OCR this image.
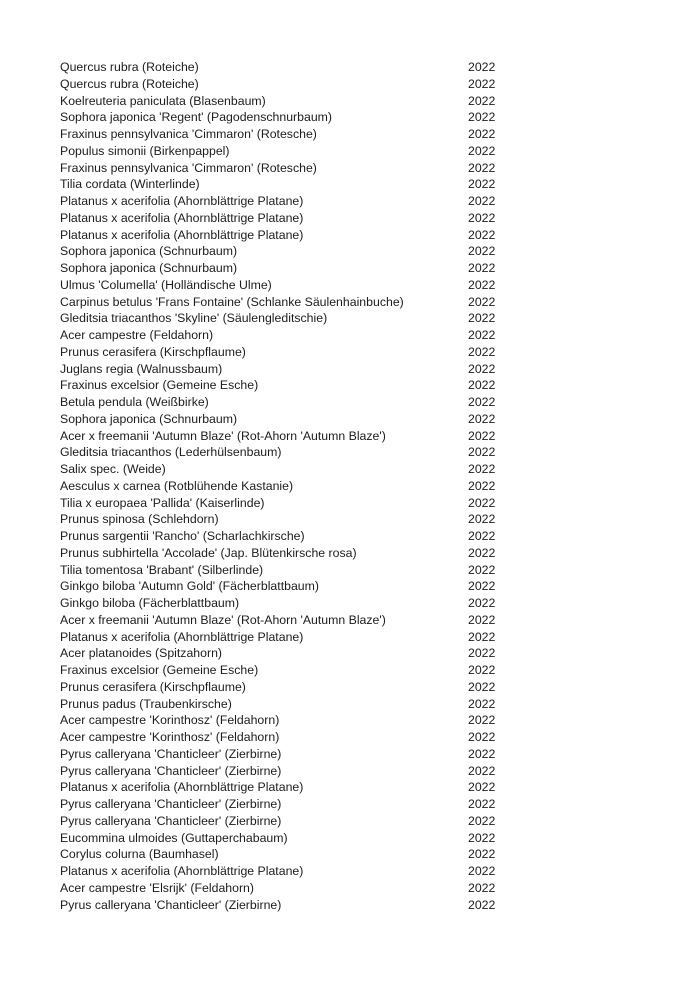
Quercus rubra (Roteiche)	2022
Quercus rubra (Roteiche)	2022
Koelreuteria paniculata (Blasenbaum)	2022
Sophora japonica 'Regent' (Pagodenschnurbaum)	2022
Fraxinus pennsylvanica 'Cimmaron' (Rotesche)	2022
Populus simonii (Birkenpappel)	2022
Fraxinus pennsylvanica 'Cimmaron' (Rotesche)	2022
Tilia cordata (Winterlinde)	2022
Platanus x acerifolia (Ahornblättrige Platane)	2022
Platanus x acerifolia (Ahornblättrige Platane)	2022
Platanus x acerifolia (Ahornblättrige Platane)	2022
Sophora japonica (Schnurbaum)	2022
Sophora japonica (Schnurbaum)	2022
Ulmus 'Columella' (Holländische Ulme)	2022
Carpinus betulus 'Frans Fontaine' (Schlanke Säulenhainbuche)	2022
Gleditsia triacanthos 'Skyline' (Säulengleditschie)	2022
Acer campestre (Feldahorn)	2022
Prunus cerasifera (Kirschpflaume)	2022
Juglans regia (Walnussbaum)	2022
Fraxinus excelsior (Gemeine Esche)	2022
Betula pendula (Weißbirke)	2022
Sophora japonica (Schnurbaum)	2022
Acer x freemanii 'Autumn Blaze' (Rot-Ahorn 'Autumn Blaze')	2022
Gleditsia triacanthos (Lederhülsenbaum)	2022
Salix spec. (Weide)	2022
Aesculus x carnea (Rotblühende Kastanie)	2022
Tilia x europaea 'Pallida' (Kaiserlinde)	2022
Prunus spinosa (Schlehdorn)	2022
Prunus sargentii 'Rancho' (Scharlachkirsche)	2022
Prunus subhirtella 'Accolade' (Jap. Blütenkirsche rosa)	2022
Tilia tomentosa 'Brabant' (Silberlinde)	2022
Ginkgo biloba 'Autumn Gold' (Fächerblattbaum)	2022
Ginkgo biloba (Fächerblattbaum)	2022
Acer x freemanii 'Autumn Blaze' (Rot-Ahorn 'Autumn Blaze')	2022
Platanus x acerifolia (Ahornblättrige Platane)	2022
Acer platanoides (Spitzahorn)	2022
Fraxinus excelsior (Gemeine Esche)	2022
Prunus cerasifera (Kirschpflaume)	2022
Prunus padus (Traubenkirsche)	2022
Acer campestre 'Korinthosz' (Feldahorn)	2022
Acer campestre 'Korinthosz' (Feldahorn)	2022
Pyrus calleryana 'Chanticleer' (Zierbirne)	2022
Pyrus calleryana 'Chanticleer' (Zierbirne)	2022
Platanus x acerifolia (Ahornblättrige Platane)	2022
Pyrus calleryana 'Chanticleer' (Zierbirne)	2022
Pyrus calleryana 'Chanticleer' (Zierbirne)	2022
Eucommina ulmoides (Guttaperchabaum)	2022
Corylus colurna (Baumhasel)	2022
Platanus x acerifolia (Ahornblättrige Platane)	2022
Acer campestre 'Elsrijk' (Feldahorn)	2022
Pyrus calleryana 'Chanticleer' (Zierbirne)	2022
